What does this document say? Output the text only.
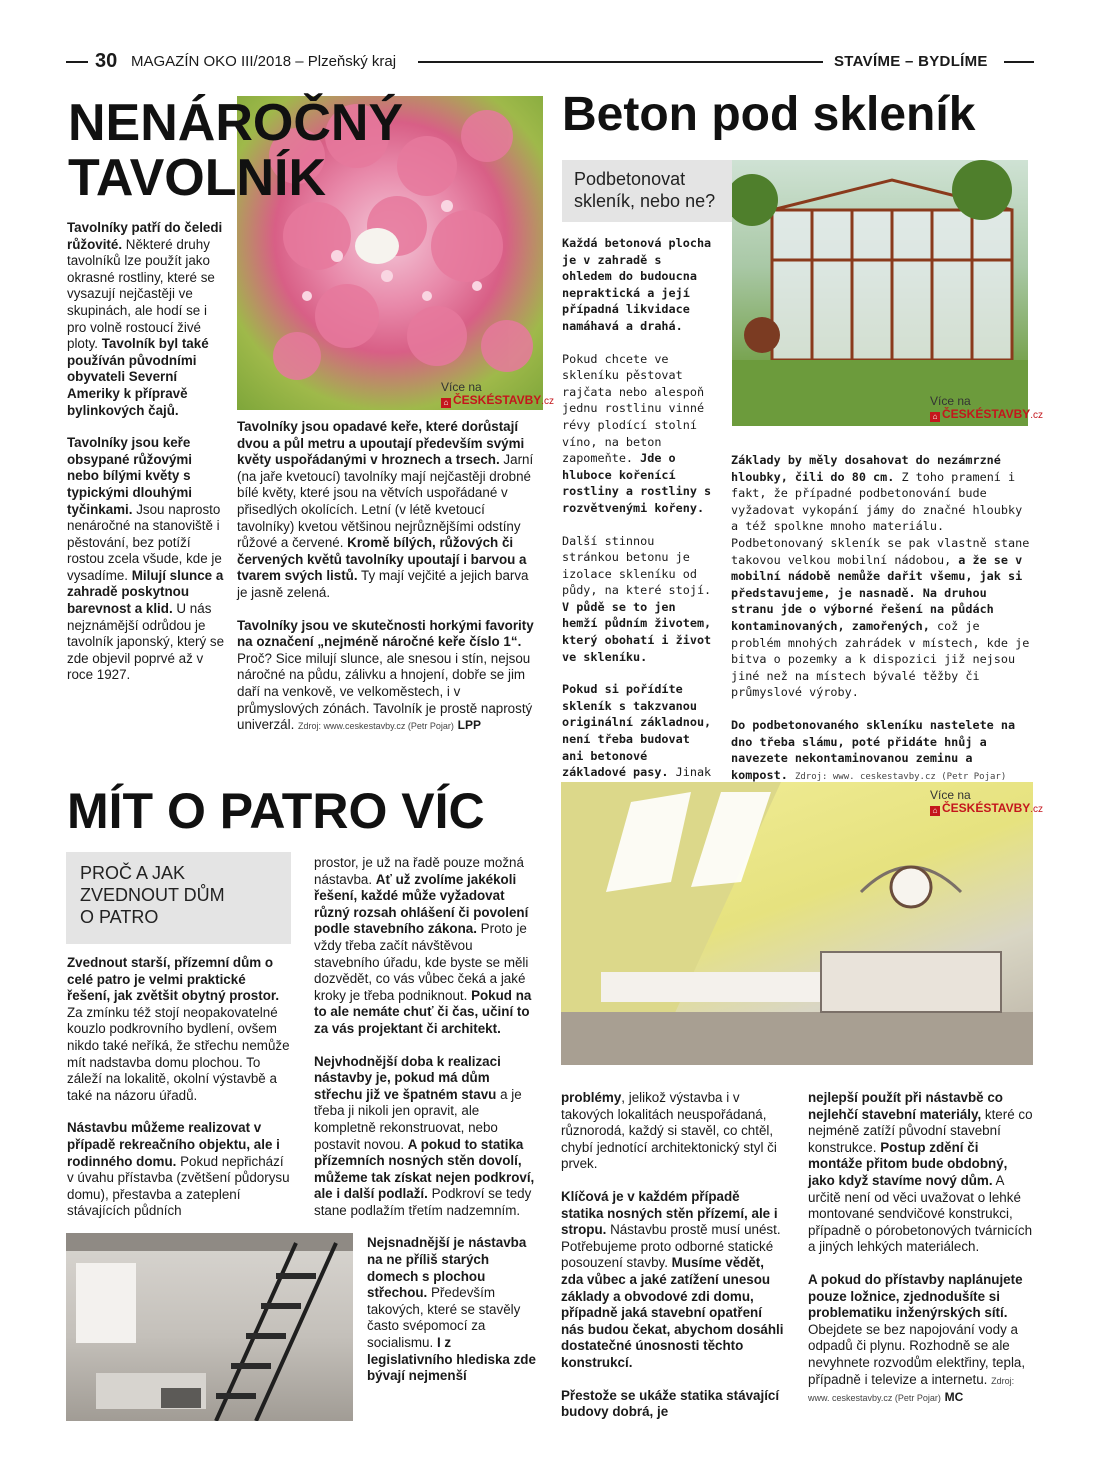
30 MAGAZÍN OKO III/2018 – Plzeňský kraj	STAVÍME – BYDLÍME
Více na
⌂ ČESKÉSTAVBY.cz
NENÁROČNÝ
TAVOLNÍK

Tavolníky patří do čeledi růžovité. Některé druhy tavolníků lze použít jako okrasné rostliny, které se vysazují nejčastěji ve skupinách, ale hodí se i pro volně rostoucí živé ploty. Tavolník byl také používán původními obyvateli Severní Ameriky k přípravě bylinkových čajů.

Tavolníky jsou keře obsypané růžovými nebo bílými květy s typickými dlouhými tyčinkami. Jsou naprosto nenáročné na stanoviště i pěstování, bez potíží rostou zcela všude, kde je vysadíme. Milují slunce a zahradě poskytnou barevnost a klid. U nás nejznámější odrůdou je tavolník japonský, který se zde objevil poprvé až v roce 1927.

Tavolníky jsou opadavé keře, které dorůstají dvou a půl metru a upoutají především svými květy uspořádanými v hroznech a trsech. Jarní (na jaře kvetoucí) tavolníky mají nejčastěji drobné bílé květy, které jsou na větvích uspořádané v přisedlých okolících. Letní (v létě kvetoucí tavolníky) kvetou většinou nejrůznějšími odstíny růžové a červené. Kromě bílých, růžových či červených květů tavolníky upoutají i barvou a tvarem svých listů. Ty mají vejčité a jejich barva je jasně zelená.

Tavolníky jsou ve skutečnosti horkými favority na označení „nejméně náročné keře číslo 1“. Proč? Sice milují slunce, ale snesou i stín, nejsou náročné na půdu, zálivku a hnojení, dobře se jim daří na venkově, ve velkoměstech, i v průmyslových zónách. Tavolník je prostě naprostý univerzál. Zdroj: www.ceskestavby.cz (Petr Pojar) LPP

Beton pod skleník
Podbetonovat
skleník, nebo ne?
Více na
⌂ ČESKÉSTAVBY.cz

Každá betonová plocha je v zahradě s ohledem do budoucna nepraktická a její případná likvidace namáhavá a drahá.

Pokud chcete ve skleníku pěstovat rajčata nebo alespoň jednu rostlinu vinné révy plodící stolní víno, na beton zapomeňte. Jde o hluboce kořenící rostliny a rostliny s rozvětvenými kořeny.

Další stinnou stránkou betonu je izolace skleníku od půdy, na které stojí. V půdě se to jen hemží půdním životem, který obohatí i život ve skleníku.

Pokud si pořídíte skleník s takzvanou originální základnou, není třeba budovat ani betonové základové pasy. Jinak

Základy by měly dosahovat do nezámrzné hloubky, čili do 80 cm. Z toho pramení i fakt, že případné podbetonování bude vyžadovat vykopání jámy do značné hloubky a též spolkne mnoho materiálu. Podbetonovaný skleník se pak vlastně stane takovou velkou mobilní nádobou, a že se v mobilní nádobě nemůže dařit všemu, jak si představujeme, je nasnadě. Na druhou stranu jde o výborné řešení na půdách kontaminovaných, zamořených, což je problém mnohých zahrádek v místech, kde je bitva o pozemky a k dispozici již nejsou jiné než na místech bývalé těžby či průmyslové výroby.

Do podbetonovaného skleníku nastelete na dno třeba slámu, poté přidáte hnůj a navezete nekontaminovanou zeminu a kompost. Zdroj: www. ceskestavby.cz (Petr Pojar)

MÍT O PATRO VÍC
PROČ A JAK
ZVEDNOUT DŮM
O PATRO
Více na
⌂ ČESKÉSTAVBY.cz

Zvednout starší, přízemní dům o celé patro je velmi praktické řešení, jak zvětšit obytný prostor. Za zmínku též stojí neopakovatelné kouzlo podkrovního bydlení, ovšem nikdo také neříká, že střechu nemůže mít nadstavba domu plochou. To záleží na lokalitě, okolní výstavbě a také na názoru úřadů.

Nástavbu můžeme realizovat v případě rekreačního objektu, ale i rodinného domu. Pokud nepřichází v úvahu přístavba (zvětšení půdorysu domu), přestavba a zateplení stávajících půdních

prostor, je už na řadě pouze možná nástavba. Ať už zvolíme jakékoli řešení, každé může vyžadovat různý rozsah ohlášení či povolení podle stavebního zákona. Proto je vždy třeba začít návštěvou stavebního úřadu, kde byste se měli dozvědět, co vás vůbec čeká a jaké kroky je třeba podniknout. Pokud na to ale nemáte chuť či čas, učiní to za vás projektant či architekt.

Nejvhodnější doba k realizaci nástavby je, pokud má dům střechu již ve špatném stavu a je třeba ji nikoli jen opravit, ale kompletně rekonstruovat, nebo postavit novou. A pokud to statika přízemních nosných stěn dovolí, můžeme tak získat nejen podkroví, ale i další podlaží. Podkroví se tedy stane podlažím třetím nadzemním.

Nejsnadnější je nástavba na ne příliš starých domech s plochou střechou. Především takových, které se stavěly často svépomocí za socialismu. I z legislativního hlediska zde bývají nejmenší

problémy, jelikož výstavba i v takových lokalitách neuspořádaná, různorodá, každý si stavěl, co chtěl, chybí jednotící architektonický styl či prvek.

Klíčová je v každém případě statika nosných stěn přízemí, ale i stropu. Nástavbu prostě musí unést. Potřebujeme proto odborné statické posouzení stavby. Musíme vědět, zda vůbec a jaké zatížení unesou základy a obvodové zdi domu, případně jaká stavební opatření nás budou čekat, abychom dosáhli dostatečné únosnosti těchto konstrukcí.

Přestože se ukáže statika stávající budovy dobrá, je

nejlepší použít při nástavbě co nejlehčí stavební materiály, které co nejméně zatíží původní stavební konstrukce. Postup zdění či montáže přitom bude obdobný, jako když stavíme nový dům. A určitě není od věci uvažovat o lehké montované sendvičové konstrukci, případně o pórobetonových tvárnicích a jiných lehkých materiálech.

A pokud do přístavby naplánujete pouze ložnice, zjednodušíte si problematiku inženýrských sítí. Obejdete se bez napojování vody a odpadů či plynu. Rozhodně se ale nevyhnete rozvodům elektřiny, tepla, případně i televize a internetu. Zdroj: www. ceskestavby.cz (Petr Pojar) MC
